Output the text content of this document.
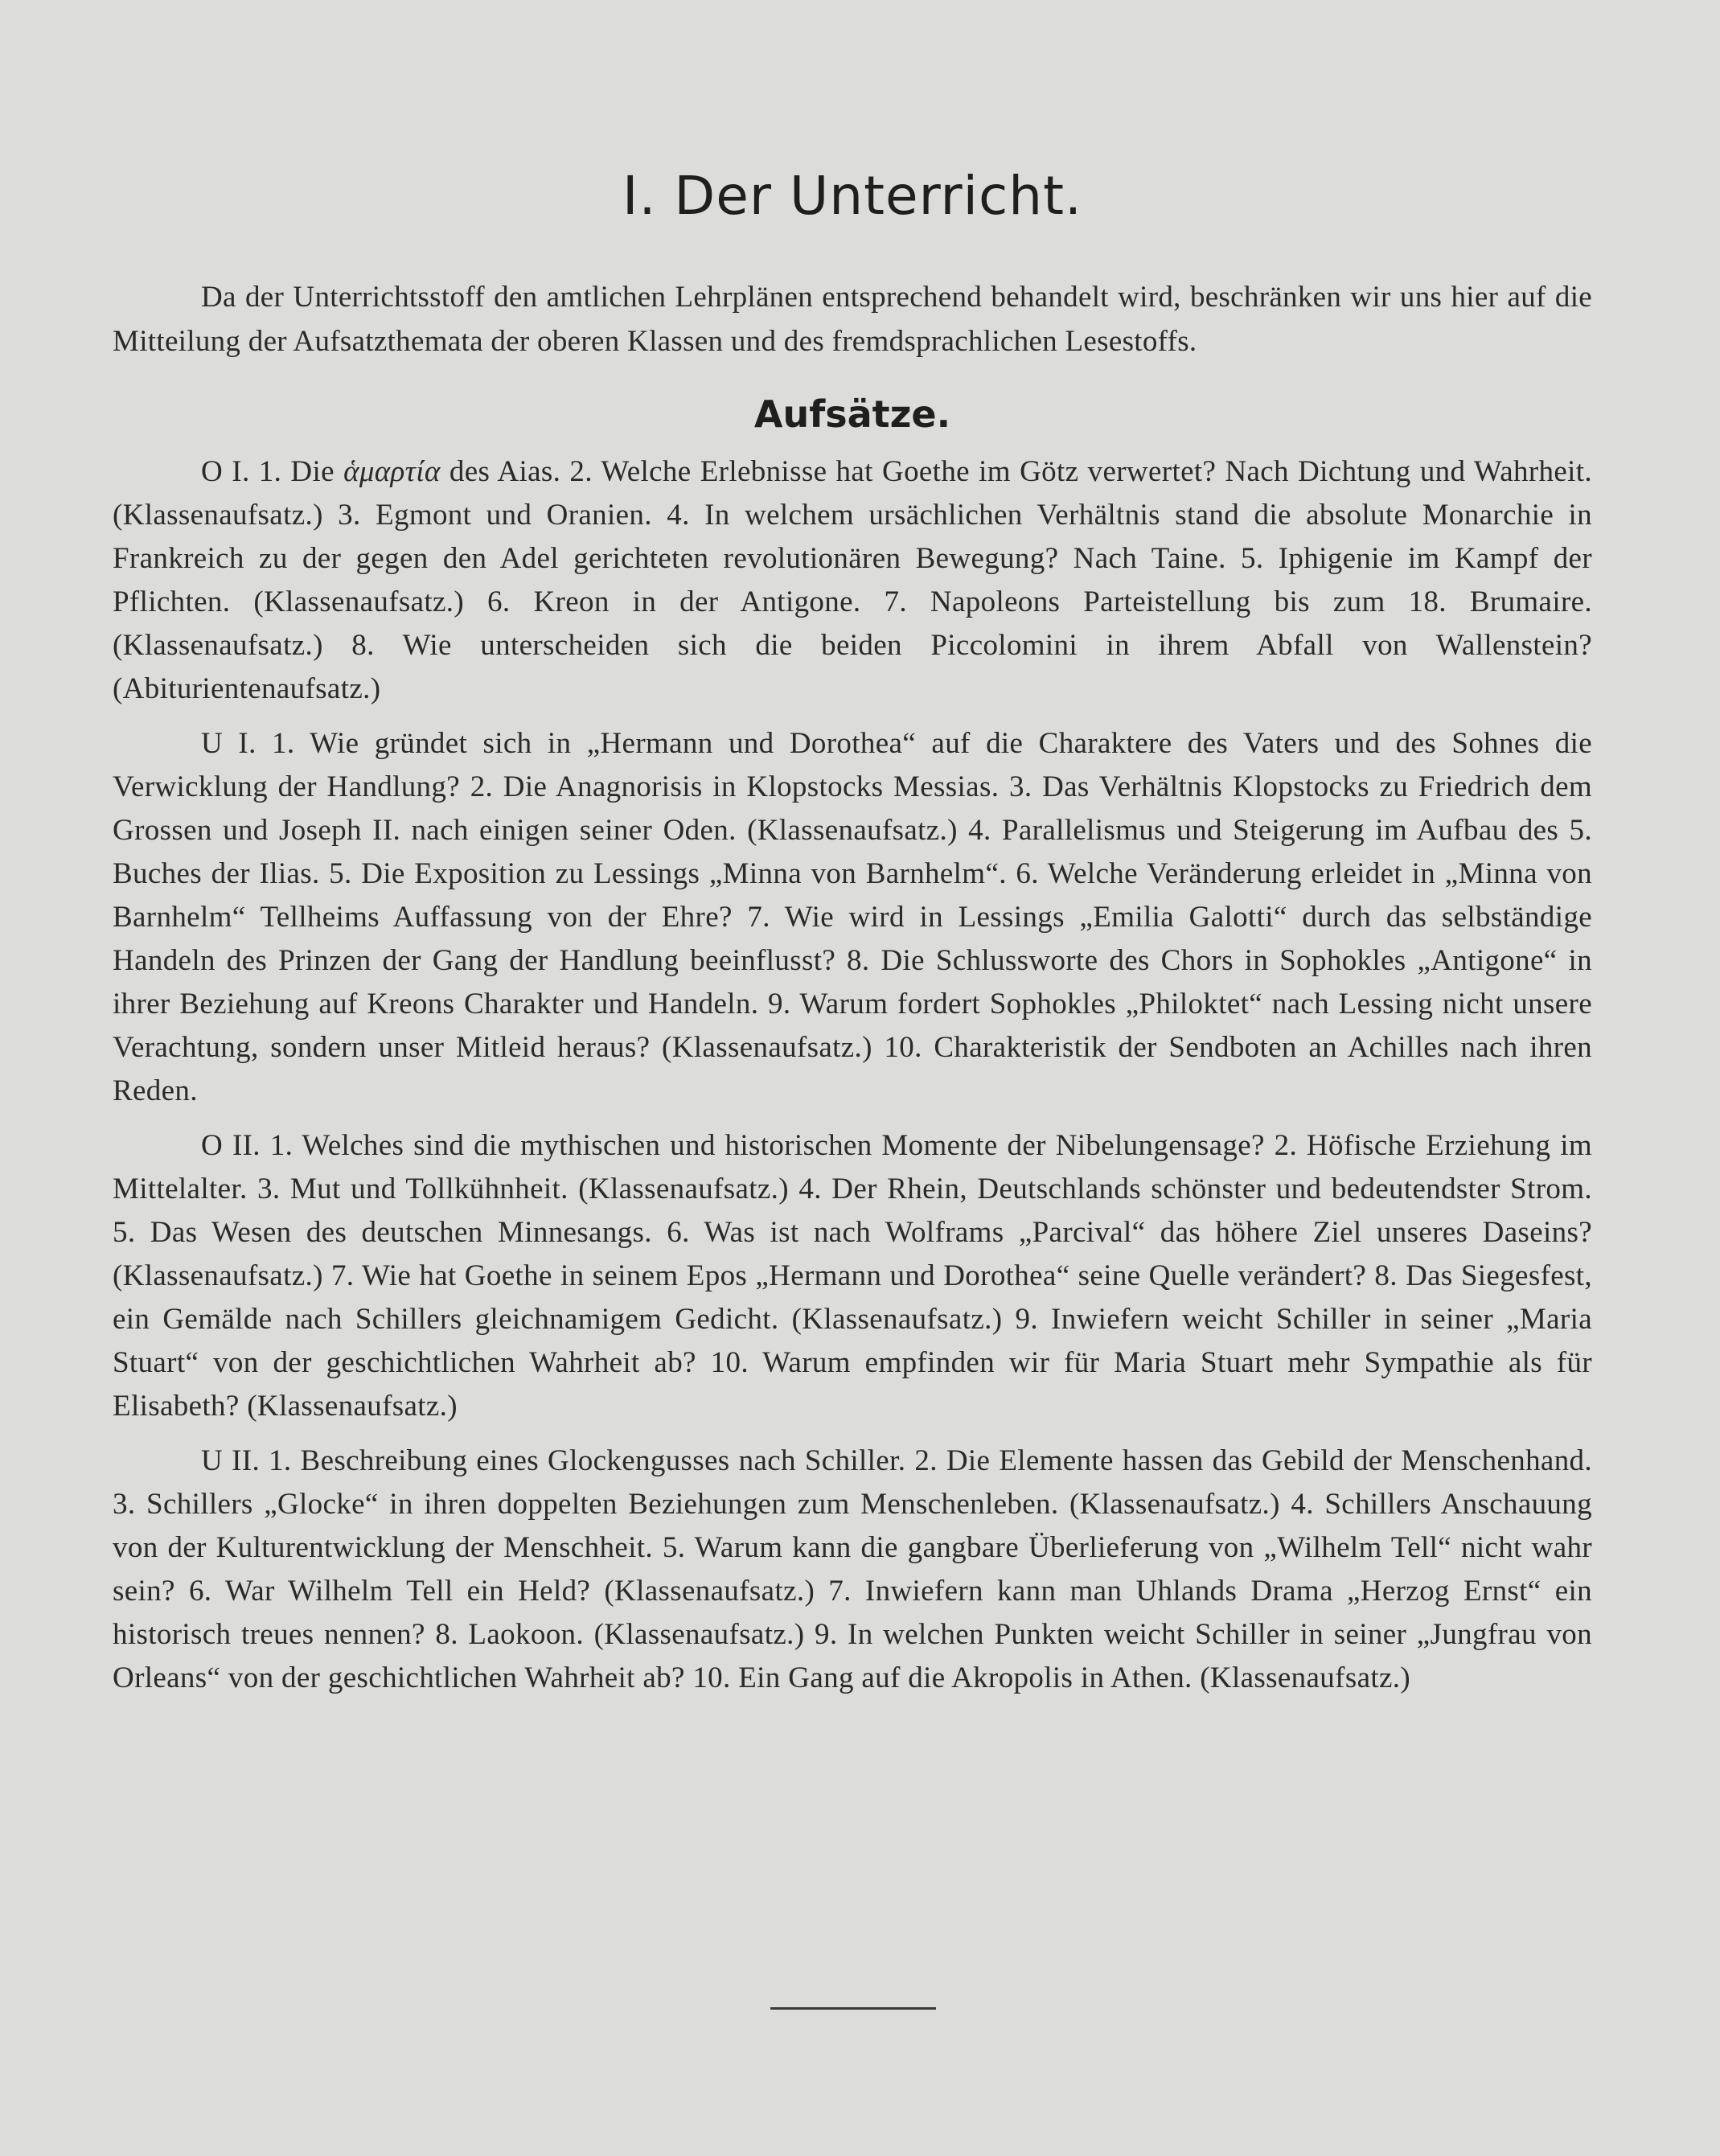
I. Der Unterricht.

Da der Unterrichtsstoff den amtlichen Lehrplänen entsprechend behandelt wird, beschränken wir uns hier auf die Mitteilung der Aufsatzthemata der oberen Klassen und des fremdsprachlichen Lesestoffs.

Aufsätze.

O I. 1. Die ἁμαρτία des Aias. 2. Welche Erlebnisse hat Goethe im Götz verwertet? Nach Dichtung und Wahrheit. (Klassenaufsatz.) 3. Egmont und Oranien. 4. In welchem ursächlichen Verhältnis stand die absolute Monarchie in Frankreich zu der gegen den Adel gerichteten revolutionären Bewegung? Nach Taine. 5. Iphigenie im Kampf der Pflichten. (Klassenaufsatz.) 6. Kreon in der Antigone. 7. Napoleons Parteistellung bis zum 18. Brumaire. (Klassenaufsatz.) 8. Wie unterscheiden sich die beiden Piccolomini in ihrem Abfall von Wallenstein? (Abiturientenaufsatz.)

U I. 1. Wie gründet sich in „Hermann und Dorothea“ auf die Charaktere des Vaters und des Sohnes die Verwicklung der Handlung? 2. Die Anagnorisis in Klopstocks Messias. 3. Das Verhältnis Klopstocks zu Friedrich dem Grossen und Joseph II. nach einigen seiner Oden. (Klassenaufsatz.) 4. Parallelismus und Steigerung im Aufbau des 5. Buches der Ilias. 5. Die Exposition zu Lessings „Minna von Barnhelm“. 6. Welche Veränderung erleidet in „Minna von Barnhelm“ Tellheims Auffassung von der Ehre? 7. Wie wird in Lessings „Emilia Galotti“ durch das selbständige Handeln des Prinzen der Gang der Handlung beeinflusst? 8. Die Schlussworte des Chors in Sophokles „Antigone“ in ihrer Beziehung auf Kreons Charakter und Handeln. 9. Warum fordert Sophokles „Philoktet“ nach Lessing nicht unsere Verachtung, sondern unser Mitleid heraus? (Klassenaufsatz.) 10. Charakteristik der Sendboten an Achilles nach ihren Reden.

O II. 1. Welches sind die mythischen und historischen Momente der Nibelungensage? 2. Höfische Erziehung im Mittelalter. 3. Mut und Tollkühnheit. (Klassenaufsatz.) 4. Der Rhein, Deutschlands schönster und bedeutendster Strom. 5. Das Wesen des deutschen Minnesangs. 6. Was ist nach Wolframs „Parcival“ das höhere Ziel unseres Daseins? (Klassenaufsatz.) 7. Wie hat Goethe in seinem Epos „Hermann und Dorothea“ seine Quelle verändert? 8. Das Siegesfest, ein Gemälde nach Schillers gleichnamigem Gedicht. (Klassenaufsatz.) 9. Inwiefern weicht Schiller in seiner „Maria Stuart“ von der geschichtlichen Wahrheit ab? 10. Warum empfinden wir für Maria Stuart mehr Sympathie als für Elisabeth? (Klassenaufsatz.)

U II. 1. Beschreibung eines Glockengusses nach Schiller. 2. Die Elemente hassen das Gebild der Menschenhand. 3. Schillers „Glocke“ in ihren doppelten Beziehungen zum Menschenleben. (Klassenaufsatz.) 4. Schillers Anschauung von der Kulturentwicklung der Menschheit. 5. Warum kann die gangbare Überlieferung von „Wilhelm Tell“ nicht wahr sein? 6. War Wilhelm Tell ein Held? (Klassenaufsatz.) 7. Inwiefern kann man Uhlands Drama „Herzog Ernst“ ein historisch treues nennen? 8. Laokoon. (Klassenaufsatz.) 9. In welchen Punkten weicht Schiller in seiner „Jungfrau von Orleans“ von der geschichtlichen Wahrheit ab? 10. Ein Gang auf die Akropolis in Athen. (Klassenaufsatz.)
